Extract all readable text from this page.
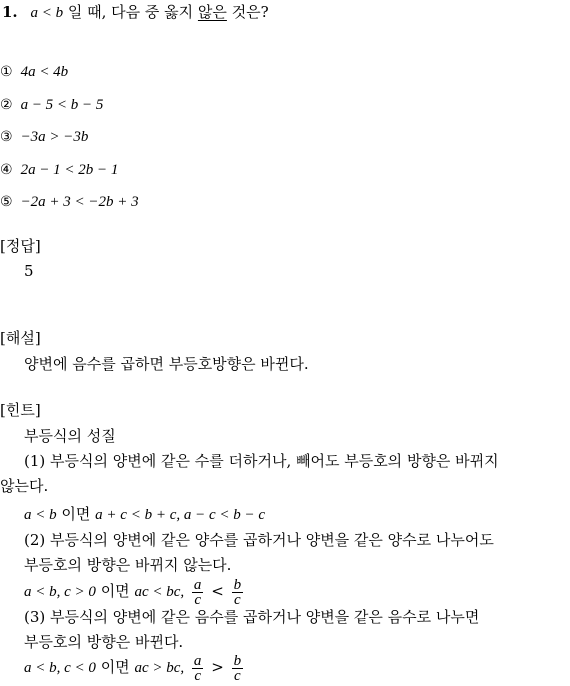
1. a < b 일 때, 다음 중 옳지 않은 것은?
① 4a < 4b
② a − 5 < b − 5
③ −3a > −3b
④ 2a − 1 < 2b − 1
⑤ −2a + 3 < −2b + 3
[정답]
5
[해설]
양변에 음수를 곱하면 부등호방향은 바뀐다.
[힌트]
부등식의 성질
(1) 부등식의 양변에 같은 수를 더하거나, 빼어도 부등호의 방향은 바뀌지
않는다.
a < b 이면 a + c < b + c, a − c < b − c
(2) 부등식의 양변에 같은 양수를 곱하거나 양변을 같은 양수로 나누어도
부등호의 방향은 바뀌지 않는다.
a < b, c > 0 이면 ac < bc, $\frac{a}{c} < \frac{b}{c}$
(3) 부등식의 양변에 같은 음수를 곱하거나 양변을 같은 음수로 나누면
부등호의 방향은 바뀐다.
a < b, c < 0 이면 ac > bc, $\frac{a}{c} > \frac{b}{c}$
